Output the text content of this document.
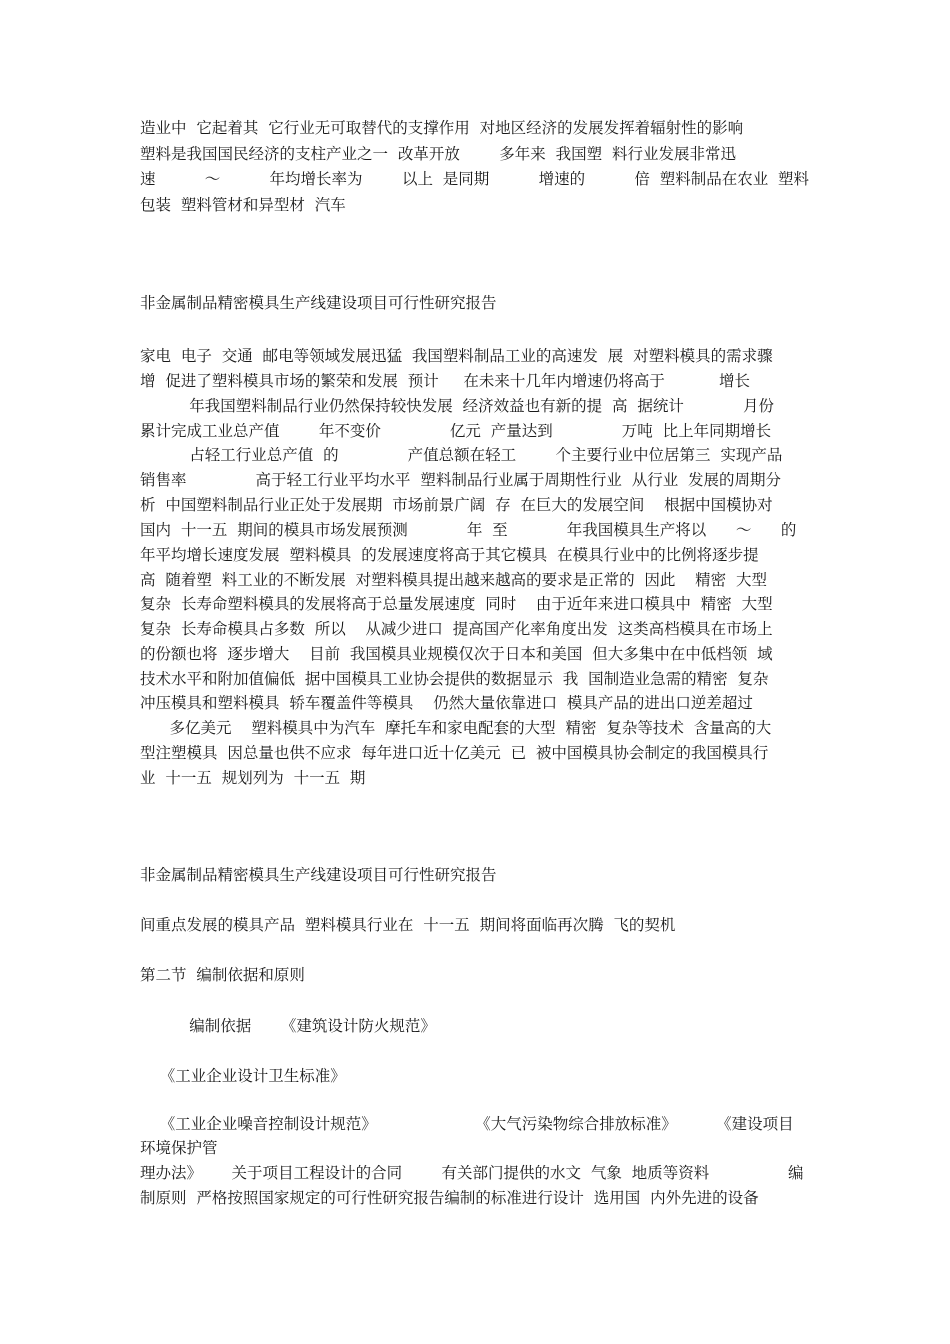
造业中  它起着其  它行业无可取替代的支撑作用  对地区经济的发展发挥着辐射性的影响
塑料是我国国民经济的支柱产业之一  改革开放        多年来  我国塑  料行业发展非常迅
速          ～          年均增长率为        以上  是同期          增速的          倍  塑料制品在农业  塑料
包装  塑料管材和异型材  汽车
非金属制品精密模具生产线建设项目可行性研究报告
家电  电子  交通  邮电等领域发展迅猛  我国塑料制品工业的高速发  展  对塑料模具的需求骤
增  促进了塑料模具市场的繁荣和发展  预计     在未来十几年内增速仍将高于           增长
年我国塑料制品行业仍然保持较快发展  经济效益也有新的提  高  据统计            月份
累计完成工业总产值        年不变价              亿元  产量达到              万吨  比上年同期增长
占轻工行业总产值  的              产值总额在轻工        个主要行业中位居第三  实现产品
销售率              高于轻工行业平均水平  塑料制品行业属于周期性行业  从行业  发展的周期分
析  中国塑料制品行业正处于发展期  市场前景广阔  存  在巨大的发展空间    根据中国模协对
国内  十一五  期间的模具市场发展预测            年  至            年我国模具生产将以      ～      的
年平均增长速度发展  塑料模具  的发展速度将高于其它模具  在模具行业中的比例将逐步提
高  随着塑  料工业的不断发展  对塑料模具提出越来越高的要求是正常的  因此    精密  大型
复杂  长寿命塑料模具的发展将高于总量发展速度  同时    由于近年来进口模具中  精密  大型
复杂  长寿命模具占多数  所以    从减少进口  提高国产化率角度出发  这类高档模具在市场上
的份额也将  逐步增大    目前  我国模具业规模仅次于日本和美国  但大多集中在中低档领  域
技术水平和附加值偏低  据中国模具工业协会提供的数据显示  我  国制造业急需的精密  复杂
冲压模具和塑料模具  轿车覆盖件等模具    仍然大量依靠进口  模具产品的进出口逆差超过
多亿美元    塑料模具中为汽车  摩托车和家电配套的大型  精密  复杂等技术  含量高的大
型注塑模具  因总量也供不应求  每年进口近十亿美元  已  被中国模具协会制定的我国模具行
业  十一五  规划列为  十一五  期
非金属制品精密模具生产线建设项目可行性研究报告
间重点发展的模具产品  塑料模具行业在  十一五  期间将面临再次腾  飞的契机
第二节  编制依据和原则
编制依据      《建筑设计防火规范》
《工业企业设计卫生标准》
《工业企业噪音控制设计规范》                    《大气污染物综合排放标准》        《建设项目
环境保护管
理办法》      关于项目工程设计的合同        有关部门提供的水文  气象  地质等资料                编
制原则  严格按照国家规定的可行性研究报告编制的标准进行设计  选用国  内外先进的设备
